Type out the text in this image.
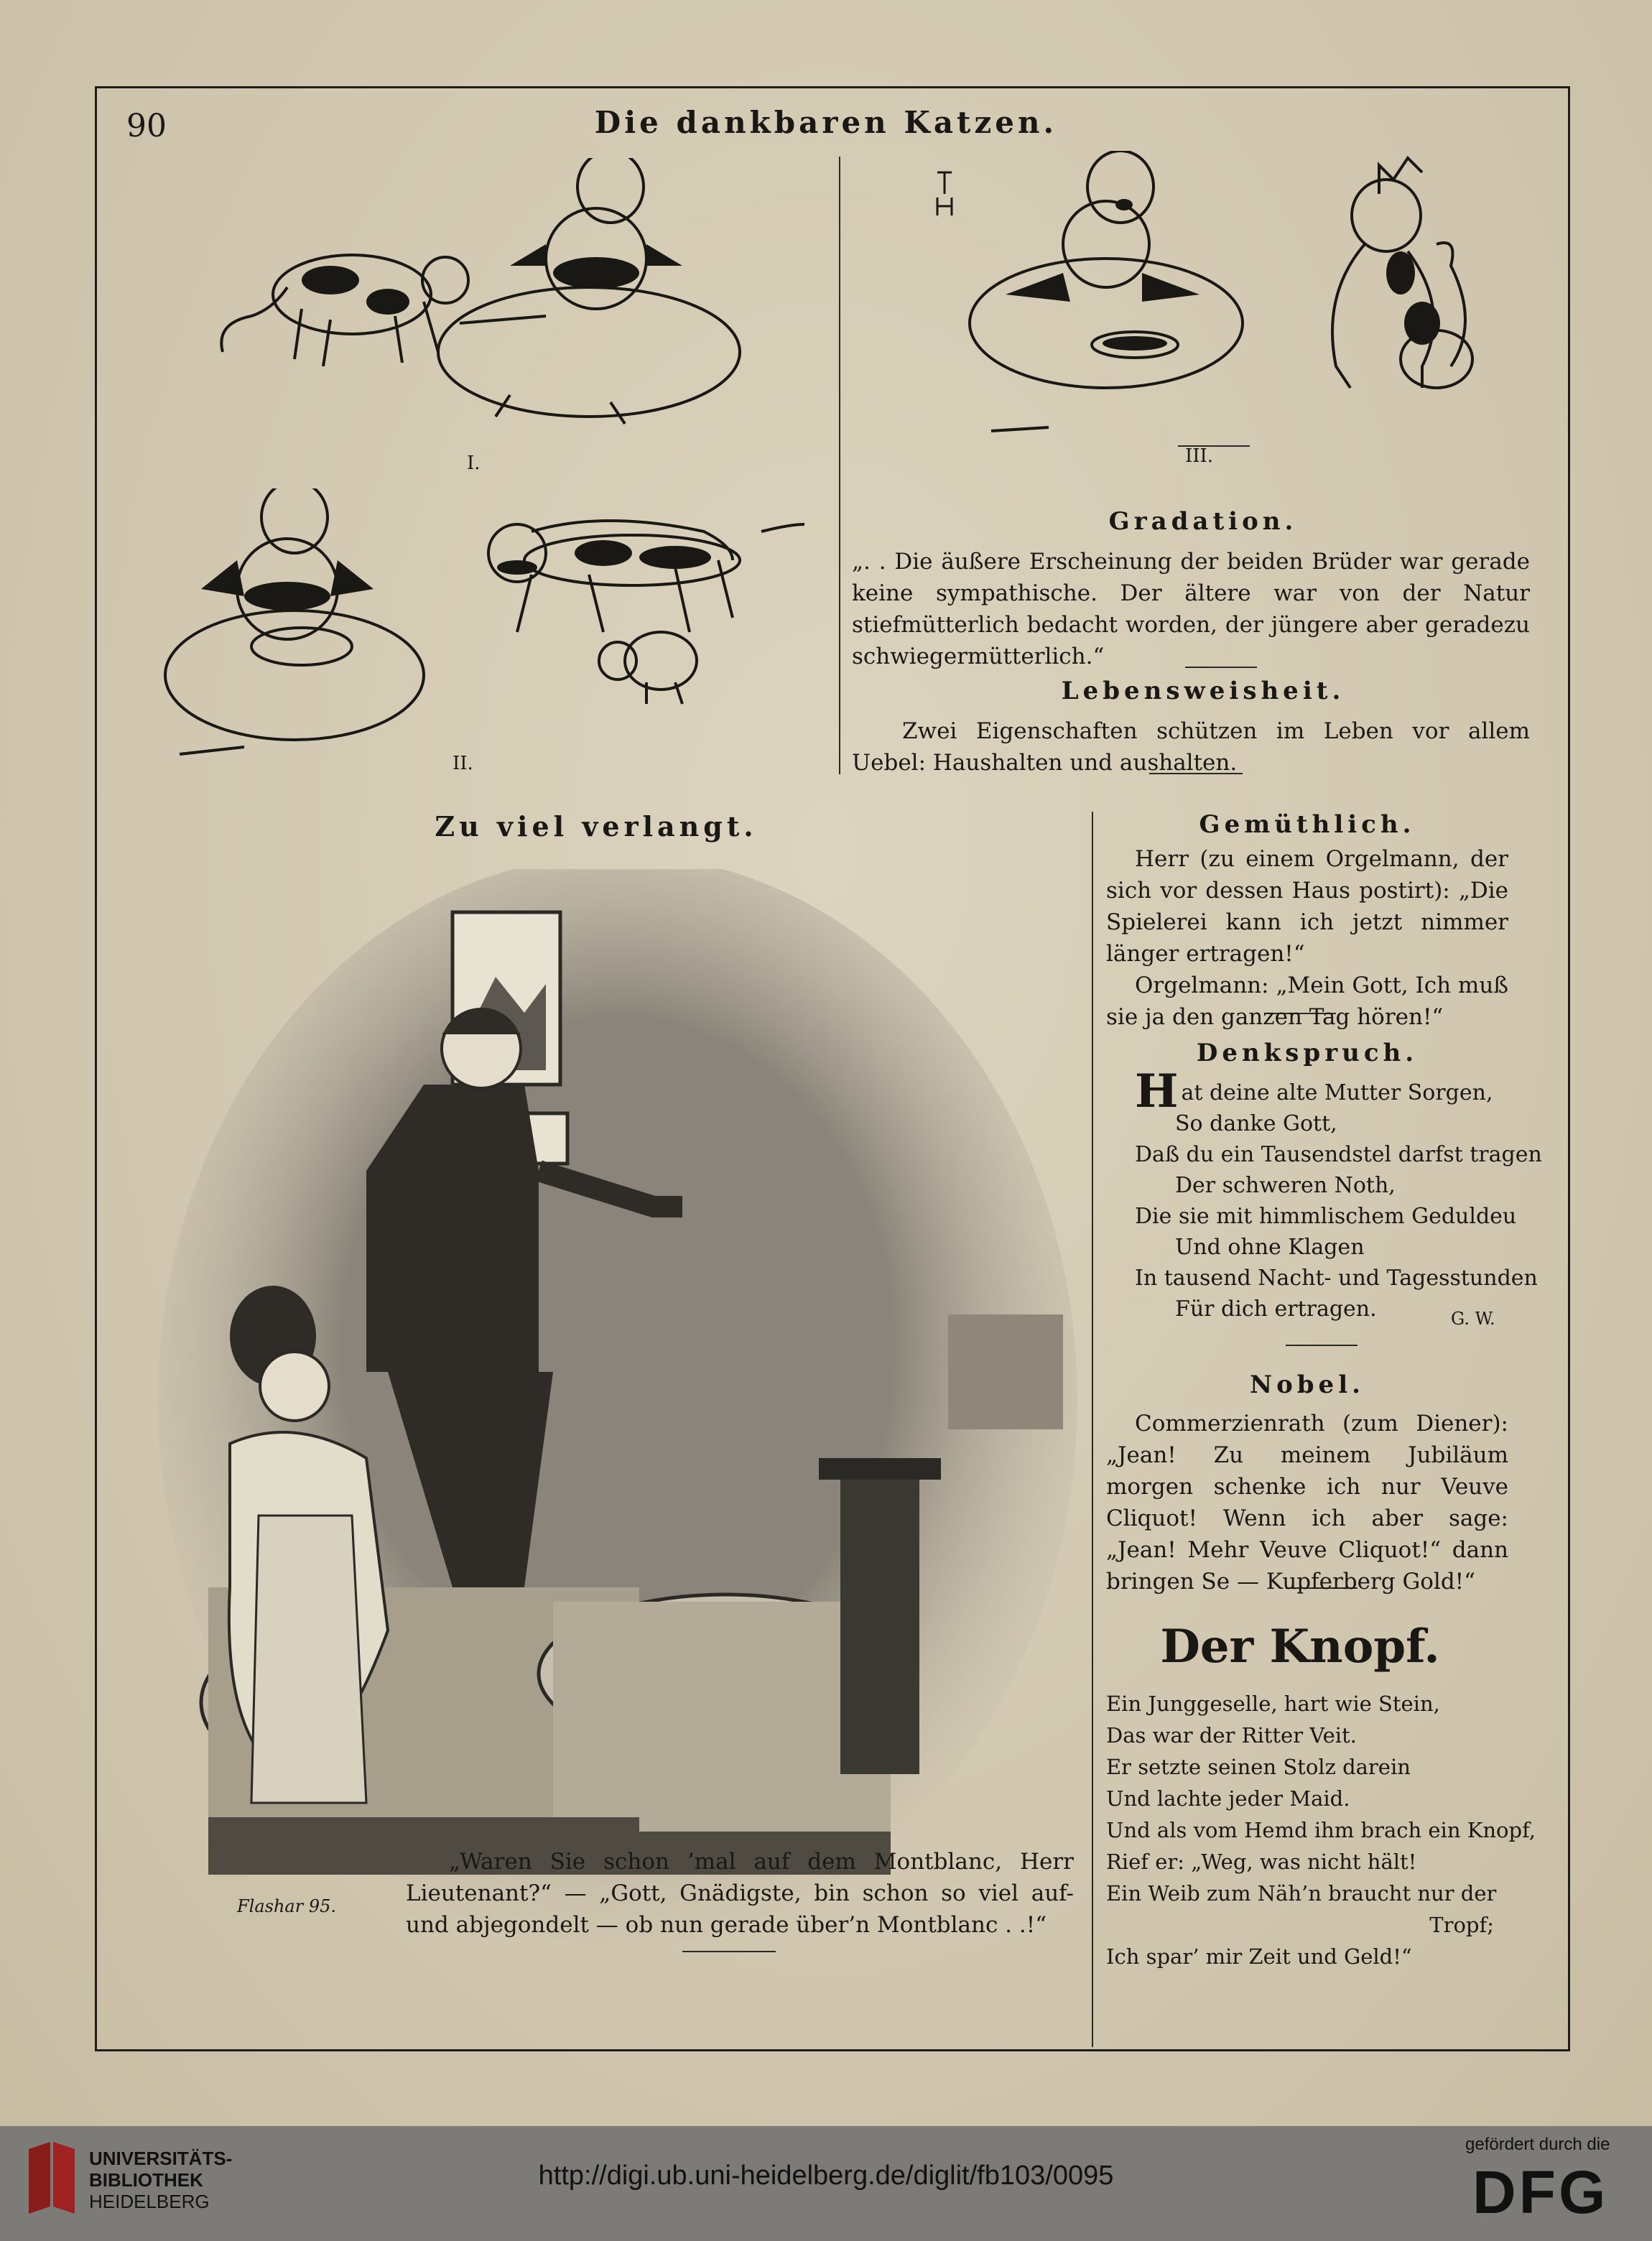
90	Die dankbaren Katzen.
I.	III.
II.
Gradation.
„. . Die äußere Erscheinung der beiden Brüder war gerade keine sympathische. Der ältere war von der Natur stiefmütterlich bedacht worden, der jüngere aber geradezu schwiegermütterlich.“
Lebensweisheit.
Zwei Eigenschaften schützen im Leben vor allem Uebel: Haushalten und aushalten.
Zu viel verlangt.
Flashar 95.
„Waren Sie schon ’mal auf dem Montblanc, Herr Lieutenant?“ — „Gott, Gnädigste, bin schon so viel auf- und abjegondelt — ob nun gerade über’n Montblanc . .!“
Gemüthlich.

Herr (zu einem Orgelmann, der sich vor dessen Haus postirt): „Die Spielerei kann ich jetzt nimmer länger ertragen!“

Orgelmann: „Mein Gott, Ich muß sie ja den ganzen Tag hören!“

Denkspruch.
Hat deine alte Mutter Sorgen,
So danke Gott,
Daß du ein Tausendstel darfst tragen
Der schweren Noth,
Die sie mit himmlischem Geduldeu
Und ohne Klagen
In tausend Nacht- und Tagesstunden
Für dich ertragen.	G. W.
Nobel.
Commerzienrath (zum Diener): „Jean! Zu meinem Jubiläum morgen schenke ich nur Veuve Cliquot! Wenn ich aber sage: „Jean! Mehr Veuve Cliquot!“ dann bringen Se — Kupferberg Gold!“
Der Knopf.
Ein Junggeselle, hart wie Stein,
Das war der Ritter Veit.
Er setzte seinen Stolz darein
Und lachte jeder Maid.
Und als vom Hemd ihm brach ein Knopf,
Rief er: „Weg, was nicht hält!
Ein Weib zum Näh’n braucht nur der
Tropf;
Ich spar’ mir Zeit und Geld!“
UNIVERSITÄTS-
BIBLIOTHEK
HEIDELBERG
http://digi.ub.uni-heidelberg.de/diglit/fb103/0095
gefördert durch die
DFG
